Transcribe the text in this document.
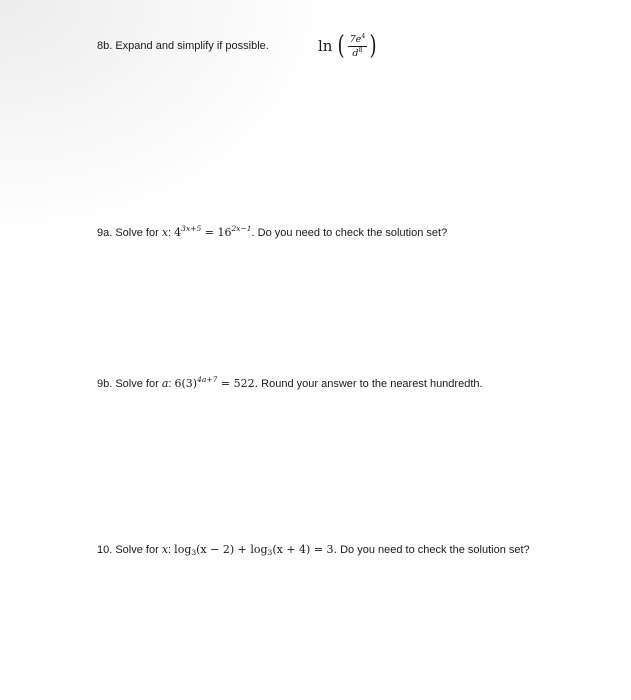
8b. Expand and simplify if possible.	ln ( $\frac{7e^4}{d^8}$ )
9a. Solve for x: $4^{3x+5} = 16^{2x-1}$. Do you need to check the solution set?
9b. Solve for a: $6(3)^{4a+7} = 522$. Round your answer to the nearest hundredth.
10. Solve for x: $\log_3(x - 2) + \log_3(x + 4) = 3$. Do you need to check the solution set?
